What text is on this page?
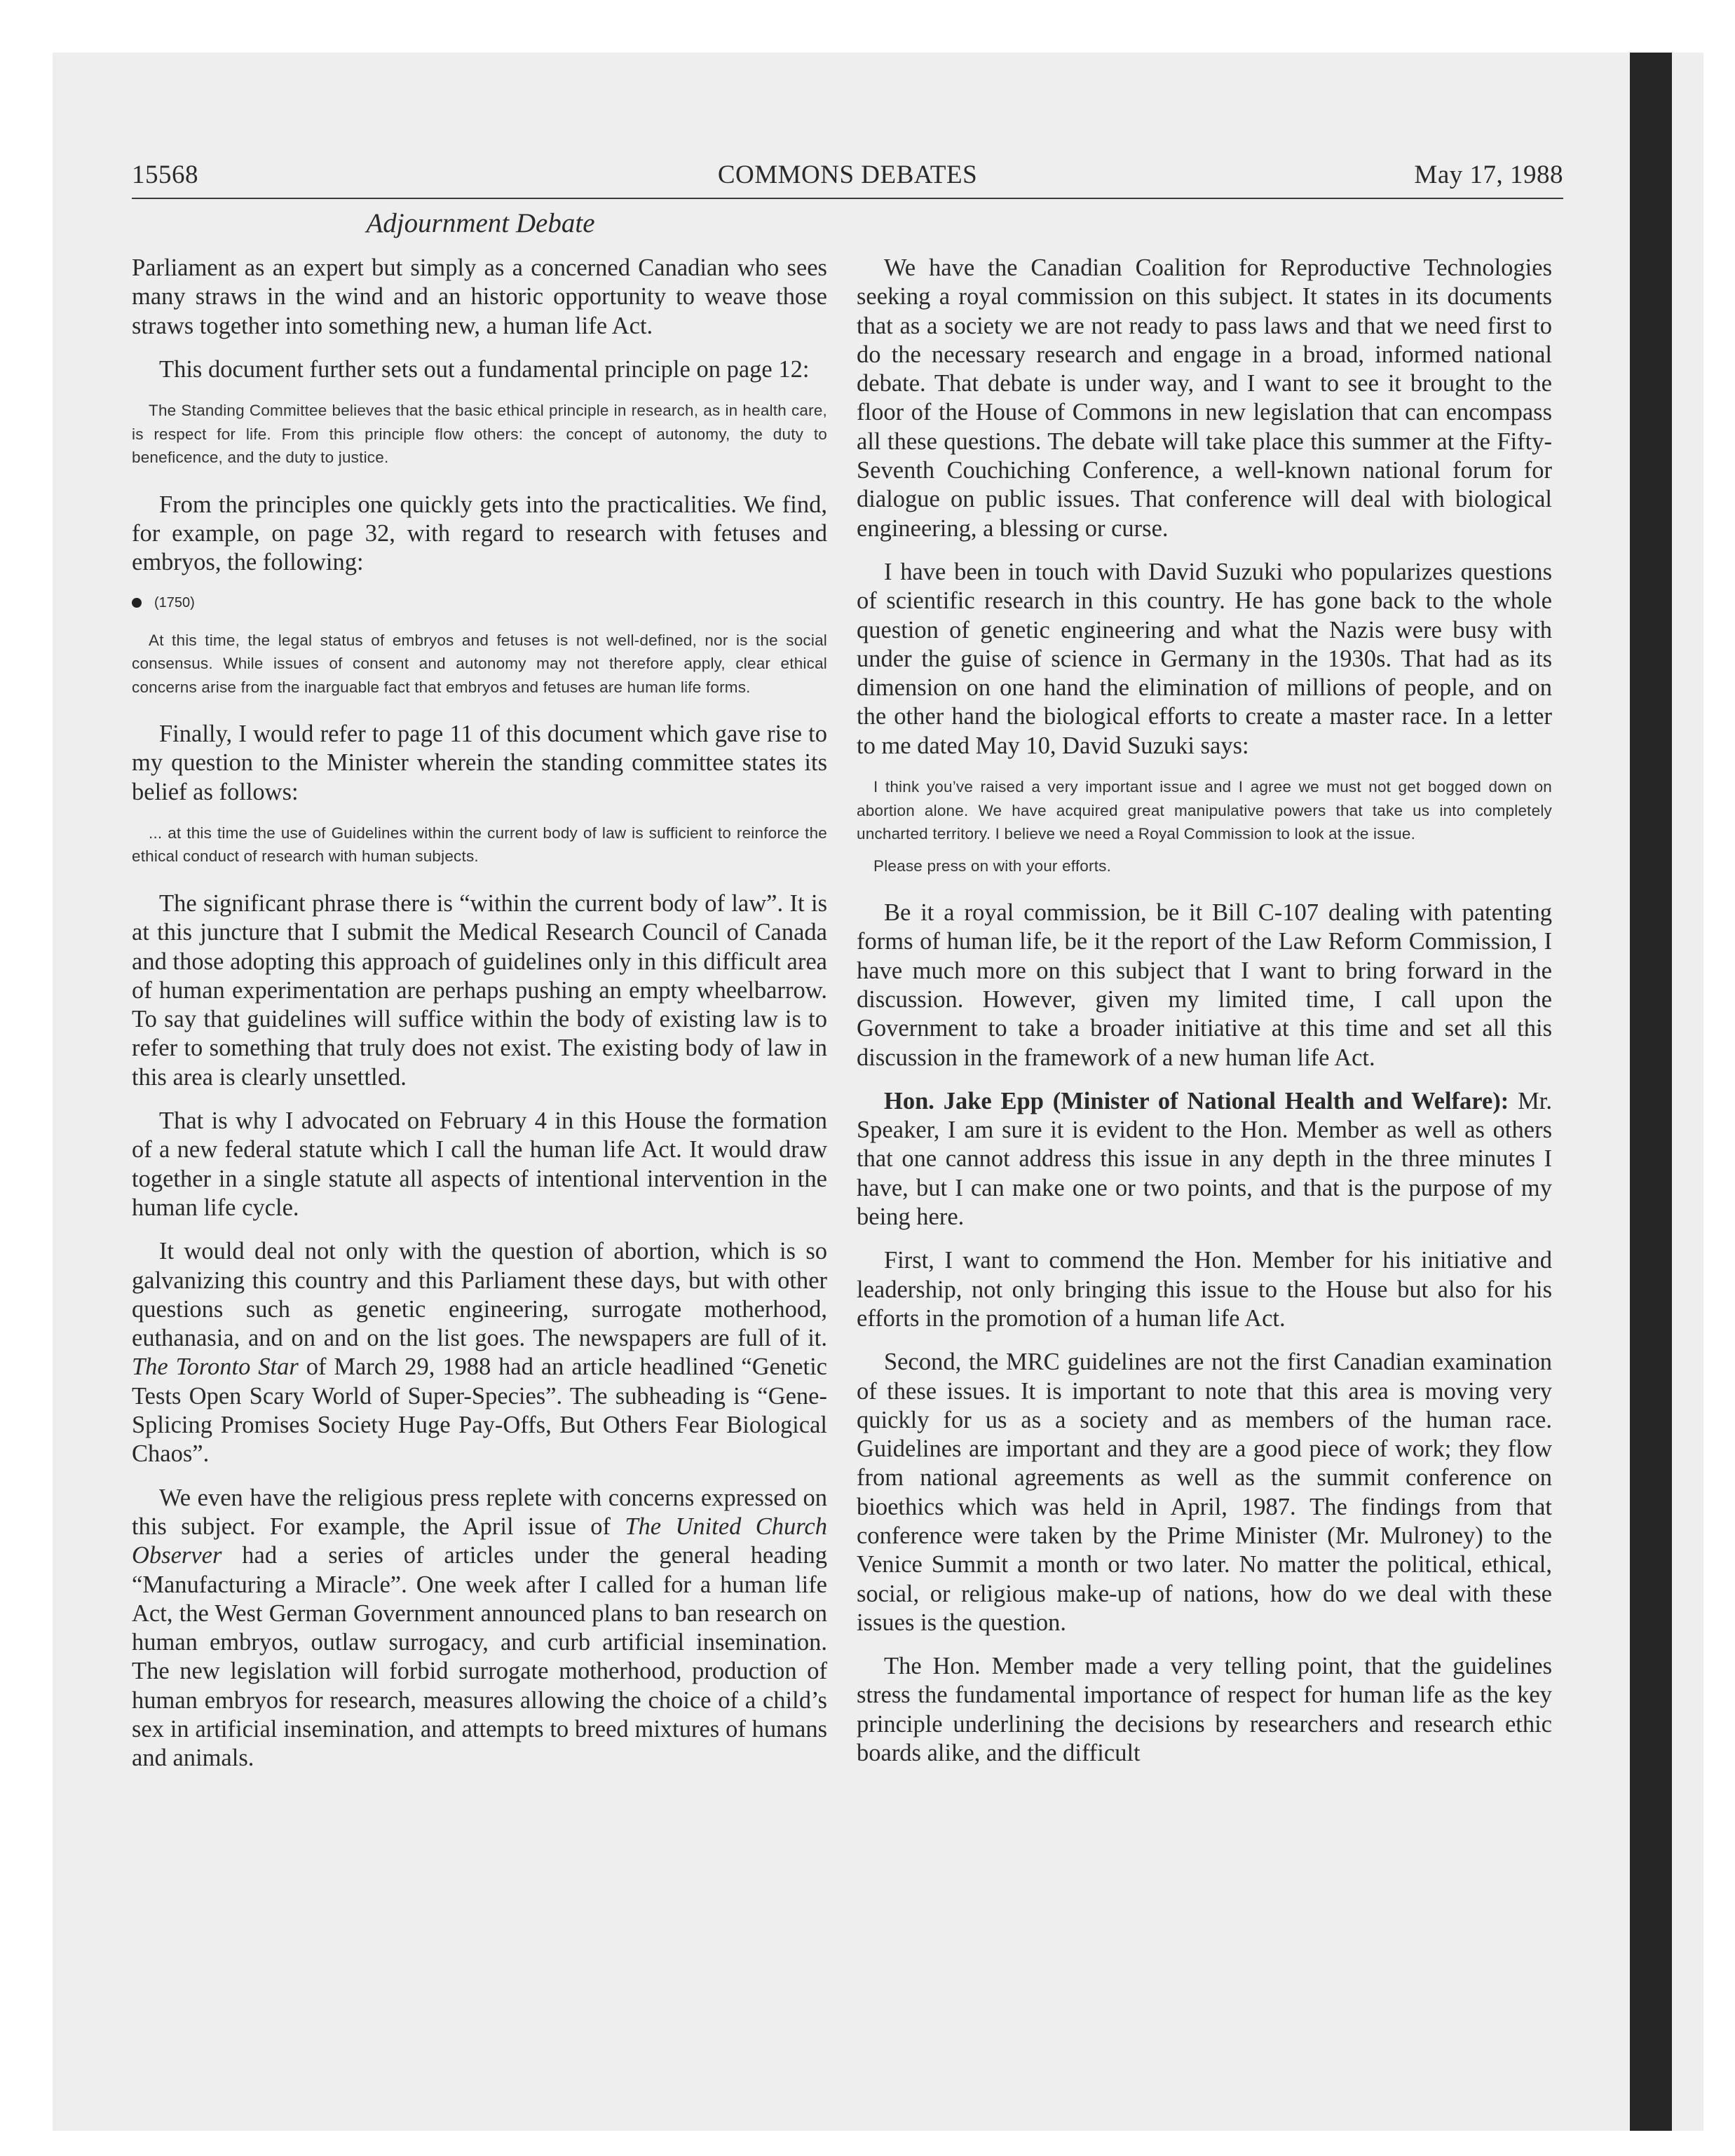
COMMONS DEBATES
15568	May 17, 1988
Adjournment Debate

Parliament as an expert but simply as a concerned Canadian who sees many straws in the wind and an historic opportunity to weave those straws together into something new, a human life Act.

This document further sets out a fundamental principle on page 12:

The Standing Committee believes that the basic ethical principle in research, as in health care, is respect for life. From this principle flow others: the concept of autonomy, the duty to beneficence, and the duty to justice.

From the principles one quickly gets into the practicalities. We find, for example, on page 32, with regard to research with fetuses and embryos, the following:

(1750)

At this time, the legal status of embryos and fetuses is not well-defined, nor is the social consensus. While issues of consent and autonomy may not therefore apply, clear ethical concerns arise from the inarguable fact that embryos and fetuses are human life forms.

Finally, I would refer to page 11 of this document which gave rise to my question to the Minister wherein the standing committee states its belief as follows:

... at this time the use of Guidelines within the current body of law is sufficient to reinforce the ethical conduct of research with human subjects.

The significant phrase there is “within the current body of law”. It is at this juncture that I submit the Medical Research Council of Canada and those adopting this approach of guidelines only in this difficult area of human experimentation are perhaps pushing an empty wheelbarrow. To say that guidelines will suffice within the body of existing law is to refer to something that truly does not exist. The existing body of law in this area is clearly unsettled.

That is why I advocated on February 4 in this House the formation of a new federal statute which I call the human life Act. It would draw together in a single statute all aspects of intentional intervention in the human life cycle.

It would deal not only with the question of abortion, which is so galvanizing this country and this Parliament these days, but with other questions such as genetic engineering, surrogate motherhood, euthanasia, and on and on the list goes. The newspapers are full of it. The Toronto Star of March 29, 1988 had an article headlined “Genetic Tests Open Scary World of Super-Species”. The subheading is “Gene-Splicing Promises Society Huge Pay-Offs, But Others Fear Biological Chaos”.

We even have the religious press replete with concerns expressed on this subject. For example, the April issue of The United Church Observer had a series of articles under the general heading “Manufacturing a Miracle”. One week after I called for a human life Act, the West German Government announced plans to ban research on human embryos, outlaw surrogacy, and curb artificial insemination. The new legislation will forbid surrogate motherhood, production of human embryos for research, measures allowing the choice of a child’s sex in artificial insemination, and attempts to breed mixtures of humans and animals.

We have the Canadian Coalition for Reproductive Technologies seeking a royal commission on this subject. It states in its documents that as a society we are not ready to pass laws and that we need first to do the necessary research and engage in a broad, informed national debate. That debate is under way, and I want to see it brought to the floor of the House of Commons in new legislation that can encompass all these questions. The debate will take place this summer at the Fifty-Seventh Couchiching Conference, a well-known national forum for dialogue on public issues. That conference will deal with biological engineering, a blessing or curse.

I have been in touch with David Suzuki who popularizes questions of scientific research in this country. He has gone back to the whole question of genetic engineering and what the Nazis were busy with under the guise of science in Germany in the 1930s. That had as its dimension on one hand the elimination of millions of people, and on the other hand the biological efforts to create a master race. In a letter to me dated May 10, David Suzuki says:

I think you’ve raised a very important issue and I agree we must not get bogged down on abortion alone. We have acquired great manipulative powers that take us into completely uncharted territory. I believe we need a Royal Commission to look at the issue.

Please press on with your efforts.

Be it a royal commission, be it Bill C-107 dealing with patenting forms of human life, be it the report of the Law Reform Commission, I have much more on this subject that I want to bring forward in the discussion. However, given my limited time, I call upon the Government to take a broader initiative at this time and set all this discussion in the framework of a new human life Act.

Hon. Jake Epp (Minister of National Health and Welfare): Mr. Speaker, I am sure it is evident to the Hon. Member as well as others that one cannot address this issue in any depth in the three minutes I have, but I can make one or two points, and that is the purpose of my being here.

First, I want to commend the Hon. Member for his initiative and leadership, not only bringing this issue to the House but also for his efforts in the promotion of a human life Act.

Second, the MRC guidelines are not the first Canadian examination of these issues. It is important to note that this area is moving very quickly for us as a society and as members of the human race. Guidelines are important and they are a good piece of work; they flow from national agreements as well as the summit conference on bioethics which was held in April, 1987. The findings from that conference were taken by the Prime Minister (Mr. Mulroney) to the Venice Summit a month or two later. No matter the political, ethical, social, or religious make-up of nations, how do we deal with these issues is the question.

The Hon. Member made a very telling point, that the guidelines stress the fundamental importance of respect for human life as the key principle underlining the decisions by researchers and research ethic boards alike, and the difficult
